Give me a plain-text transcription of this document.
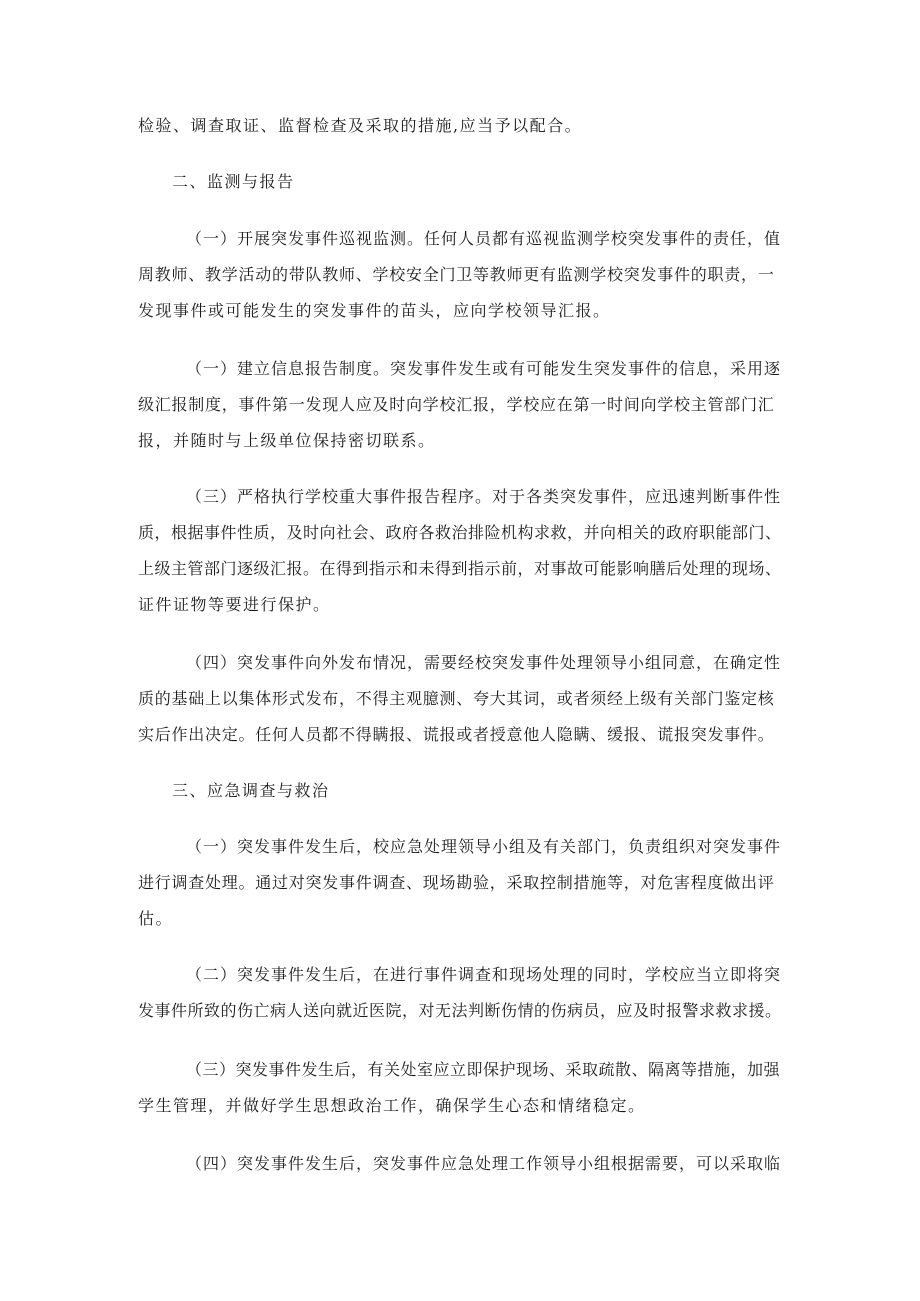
检验、调查取证、监督检查及采取的措施,应当予以配合。
二、监测与报告
（一）开展突发事件巡视监测。任何人员都有巡视监测学校突发事件的责任，值
周教师、教学活动的带队教师、学校安全门卫等教师更有监测学校突发事件的职责，一
发现事件或可能发生的突发事件的苗头，应向学校领导汇报。
（一）建立信息报告制度。突发事件发生或有可能发生突发事件的信息，采用逐
级汇报制度，事件第一发现人应及时向学校汇报，学校应在第一时间向学校主管部门汇
报，并随时与上级单位保持密切联系。
（三）严格执行学校重大事件报告程序。对于各类突发事件，应迅速判断事件性
质，根据事件性质，及时向社会、政府各救治排险机构求救，并向相关的政府职能部门、
上级主管部门逐级汇报。在得到指示和未得到指示前，对事故可能影响膳后处理的现场、
证件证物等要进行保护。
（四）突发事件向外发布情况，需要经校突发事件处理领导小组同意，在确定性
质的基础上以集体形式发布，不得主观臆测、夸大其词，或者须经上级有关部门鉴定核
实后作出决定。任何人员都不得瞒报、谎报或者授意他人隐瞒、缓报、谎报突发事件。
三、应急调查与救治
（一）突发事件发生后，校应急处理领导小组及有关部门，负责组织对突发事件
进行调查处理。通过对突发事件调查、现场勘验，采取控制措施等，对危害程度做出评
估。
（二）突发事件发生后，在进行事件调查和现场处理的同时，学校应当立即将突
发事件所致的伤亡病人送向就近医院，对无法判断伤情的伤病员，应及时报警求救求援。
（三）突发事件发生后，有关处室应立即保护现场、采取疏散、隔离等措施，加强
学生管理，并做好学生思想政治工作，确保学生心态和情绪稳定。
（四）突发事件发生后，突发事件应急处理工作领导小组根据需要，可以采取临
